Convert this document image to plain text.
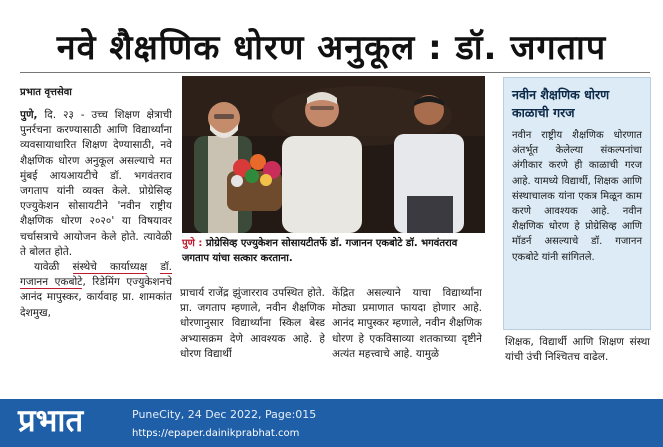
नवे शैक्षणिक धोरण अनुकूल : डॉ. जगताप
प्रभात वृत्तसेवा

पुणे, दि. २३ - उच्च शिक्षण क्षेत्राची पुनर्रचना करण्यासाठी आणि विद्यार्थ्यांना व्यवसायाधारित शिक्षण देण्यासाठी, नवे शैक्षणिक धोरण अनुकूल असल्याचे मत मुंबई आयआयटीचे डॉ. भगवंतराव जगताप यांनी व्यक्त केले. प्रोग्रेसिव्ह एज्युकेशन सोसायटीने 'नवीन राष्ट्रीय शैक्षणिक धोरण २०२०' या विषयावर चर्चासत्राचे आयोजन केले होते. त्यावेळी ते बोलत होते.

यावेळी संस्थेचे कार्याध्यक्ष डॉ. गजानन एकबोटे, रिडेमिंग एज्युकेशनचे आनंद मापुस्कर, कार्यवाह प्रा. शामकांत देशमुख,

पुणे : प्रोग्रेसिव्ह एज्युकेशन सोसायटीतर्फे डॉ. गजानन एकबोटे डॉ. भगवंतराव जगताप यांचा सत्कार करताना.

प्राचार्य राजेंद्र झुंजारराव उपस्थित होते. प्रा. जगताप म्हणाले, नवीन शैक्षणिक धोरणानुसार विद्यार्थ्यांना स्किल बेस्ड अभ्यासक्रम देणे आवश्यक आहे. हे धोरण विद्यार्थी

केंद्रित असल्याने याचा विद्यार्थ्यांना मोठ्या प्रमाणात फायदा होणार आहे. आनंद मापुस्कर म्हणाले, नवीन शैक्षणिक धोरण हे एकविसाव्या शतकाच्या दृष्टीने अत्यंत महत्त्वाचे आहे. यामुळे

नवीन शैक्षणिक धोरण काळाची गरज
नवीन राष्ट्रीय शैक्षणिक धोरणात अंतर्भूत केलेल्या संकल्पनांचा अंगीकार करणे ही काळाची गरज आहे. यामध्ये विद्यार्थी, शिक्षक आणि संस्थाचालक यांना एकत्र मिळून काम करणे आवश्यक आहे. नवीन शैक्षणिक धोरण हे प्रोग्रेसिव्ह आणि मॉडर्न असल्याचे डॉ. गजानन एकबोटे यांनी सांगितले.

शिक्षक, विद्यार्थी आणि शिक्षण संस्था यांची उंची निश्चितच वाढेल.

प्रभात	PuneCity, 24 Dec 2022, Page:015
https://epaper.dainikprabhat.com
